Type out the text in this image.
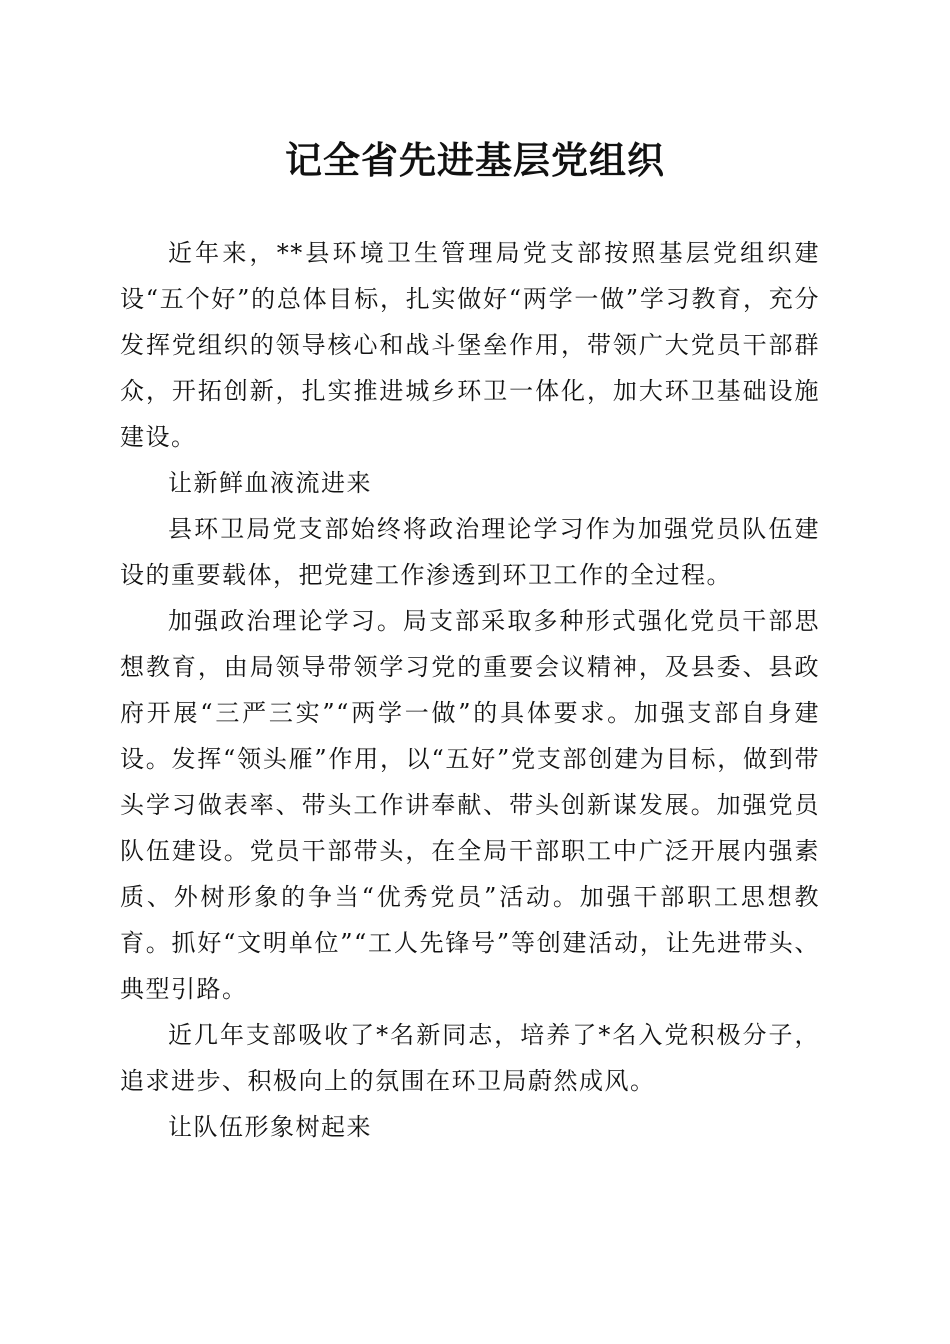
记全省先进基层党组织

近年来，**县环境卫生管理局党支部按照基层党组织建设“五个好”的总体目标，扎实做好“两学一做”学习教育，充分发挥党组织的领导核心和战斗堡垒作用，带领广大党员干部群众，开拓创新，扎实推进城乡环卫一体化，加大环卫基础设施建设。

让新鲜血液流进来

县环卫局党支部始终将政治理论学习作为加强党员队伍建设的重要载体，把党建工作渗透到环卫工作的全过程。

加强政治理论学习。局支部采取多种形式强化党员干部思想教育，由局领导带领学习党的重要会议精神，及县委、县政府开展“三严三实”“两学一做”的具体要求。加强支部自身建设。发挥“领头雁”作用，以“五好”党支部创建为目标，做到带头学习做表率、带头工作讲奉献、带头创新谋发展。加强党员队伍建设。党员干部带头，在全局干部职工中广泛开展内强素质、外树形象的争当“优秀党员”活动。加强干部职工思想教育。抓好“文明单位”“工人先锋号”等创建活动，让先进带头、典型引路。

近几年支部吸收了*名新同志，培养了*名入党积极分子，追求进步、积极向上的氛围在环卫局蔚然成风。

让队伍形象树起来
